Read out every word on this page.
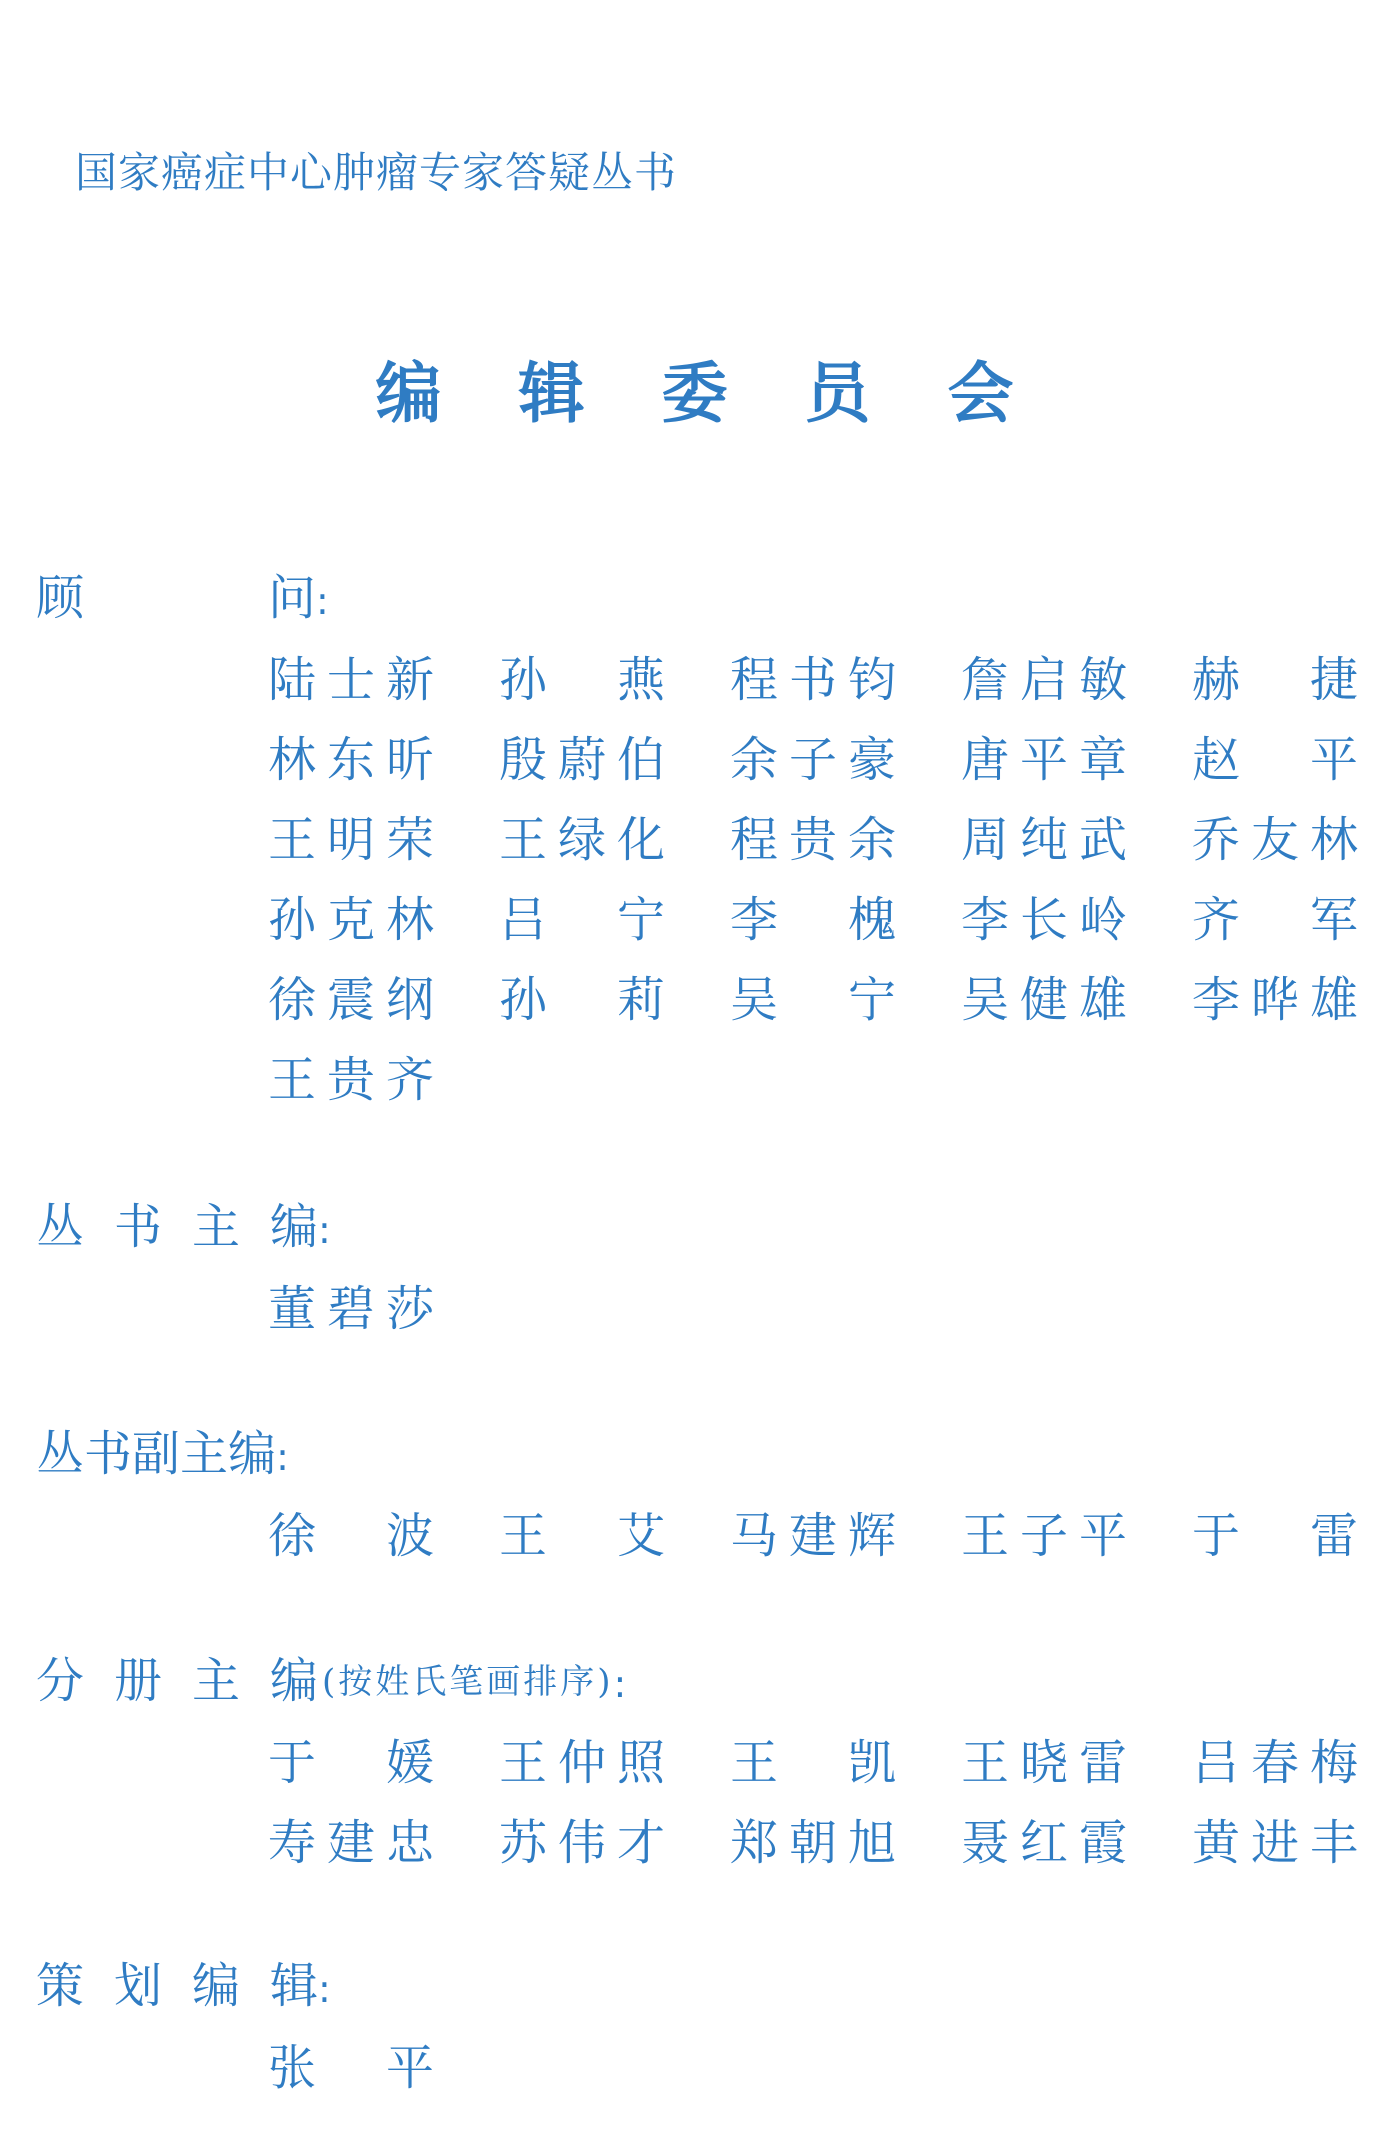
国家癌症中心肿瘤专家答疑丛书
编 辑 委 员 会
顾	问:
陆 士 新 孙 燕 程 书 钧 詹 启 敏 赫 捷
林 东 昕 殷 蔚 伯 余 子 豪 唐 平 章 赵 平
王 明 荣 王 绿 化 程 贵 余 周 纯 武 乔 友 林
孙 克 林 吕 宁 李 槐 李 长 岭 齐 军
徐 震 纲 孙 莉 吴 宁 吴 健 雄 李 晔 雄
王 贵 齐
丛 书 主 编:
董 碧 莎
丛书副主编:
徐 波 王 艾 马 建 辉 王 子 平 于 雷
分 册 主 编 (按姓氏笔画排序):
于 媛 王 仲 照 王 凯 王 晓 雷 吕 春 梅
寿 建 忠 苏 伟 才 郑 朝 旭 聂 红 霞 黄 进 丰
策 划 编 辑:
张 平
